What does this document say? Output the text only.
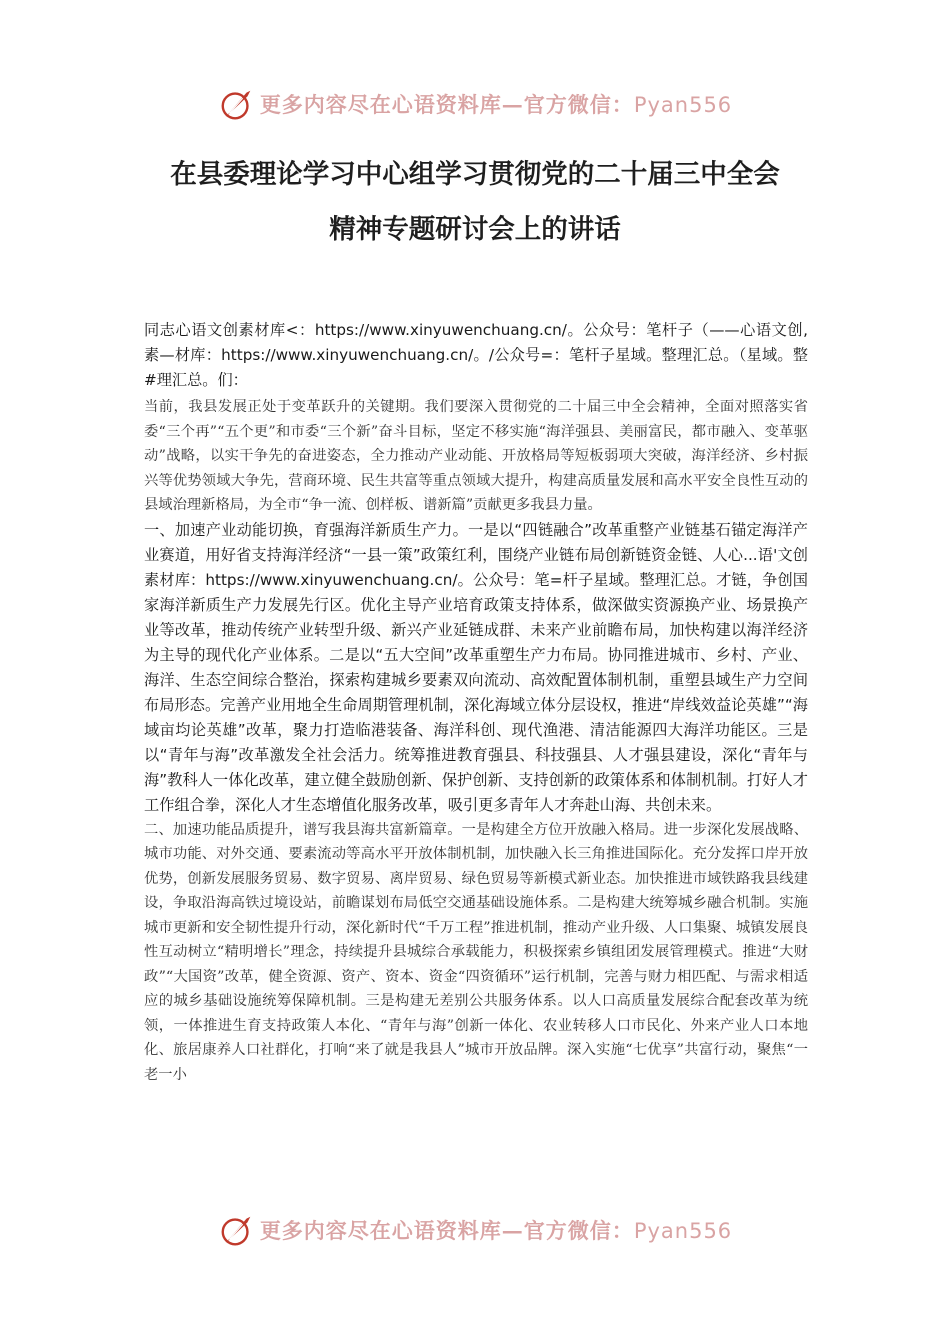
更多内容尽在心语资料库—官方微信：Pyan556
在县委理论学习中心组学习贯彻党的二十届三中全会
精神专题研讨会上的讲话

同志心语文创素材库<：https://www.xinyuwenchuang.cn/。公众号：笔杆子（——心语文创,素—材库：https://www.xinyuwenchuang.cn/。/公众号=：笔杆子星域。整理汇总。（星域。整#理汇总。们：

当前，我县发展正处于变革跃升的关键期。我们要深入贯彻党的二十届三中全会精神，全面对照落实省委“三个再”“五个更”和市委“三个新”奋斗目标，坚定不移实施“海洋强县、美丽富民，都市融入、变革驱动”战略，以实干争先的奋进姿态，全力推动产业动能、开放格局等短板弱项大突破，海洋经济、乡村振兴等优势领域大争先，营商环境、民生共富等重点领域大提升，构建高质量发展和高水平安全良性互动的县域治理新格局，为全市“争一流、创样板、谱新篇”贡献更多我县力量。

一、加速产业动能切换，育强海洋新质生产力。一是以“四链融合”改革重整产业链基石锚定海洋产业赛道，用好省支持海洋经济“一县一策”政策红利，围绕产业链布局创新链资金链、人心...语'文创素材库：https://www.xinyuwenchuang.cn/。公众号：笔=杆子星域。整理汇总。才链，争创国家海洋新质生产力发展先行区。优化主导产业培育政策支持体系，做深做实资源换产业、场景换产业等改革，推动传统产业转型升级、新兴产业延链成群、未来产业前瞻布局，加快构建以海洋经济为主导的现代化产业体系。二是以“五大空间”改革重塑生产力布局。协同推进城市、乡村、产业、海洋、生态空间综合整治，探索构建城乡要素双向流动、高效配置体制机制，重塑县域生产力空间布局形态。完善产业用地全生命周期管理机制，深化海域立体分层设权，推进“岸线效益论英雄”“海域亩均论英雄”改革，聚力打造临港装备、海洋科创、现代渔港、清洁能源四大海洋功能区。三是以“青年与海”改革激发全社会活力。统筹推进教育强县、科技强县、人才强县建设，深化“青年与海”教科人一体化改革，建立健全鼓励创新、保护创新、支持创新的政策体系和体制机制。打好人才工作组合拳，深化人才生态增值化服务改革，吸引更多青年人才奔赴山海、共创未来。

二、加速功能品质提升，谱写我县海共富新篇章。一是构建全方位开放融入格局。进一步深化发展战略、城市功能、对外交通、要素流动等高水平开放体制机制，加快融入长三角推进国际化。充分发挥口岸开放优势，创新发展服务贸易、数字贸易、离岸贸易、绿色贸易等新模式新业态。加快推进市域铁路我县线建设，争取沿海高铁过境设站，前瞻谋划布局低空交通基础设施体系。二是构建大统筹城乡融合机制。实施城市更新和安全韧性提升行动，深化新时代“千万工程”推进机制，推动产业升级、人口集聚、城镇发展良性互动树立“精明增长”理念，持续提升县城综合承载能力，积极探索乡镇组团发展管理模式。推进“大财政”“大国资”改革，健全资源、资产、资本、资金“四资循环”运行机制，完善与财力相匹配、与需求相适应的城乡基础设施统筹保障机制。三是构建无差别公共服务体系。以人口高质量发展综合配套改革为统领，一体推进生育支持政策人本化、“青年与海”创新一体化、农业转移人口市民化、外来产业人口本地化、旅居康养人口社群化，打响“来了就是我县人”城市开放品牌。深入实施“七优享”共富行动，聚焦“一老一小

更多内容尽在心语资料库—官方微信：Pyan556
